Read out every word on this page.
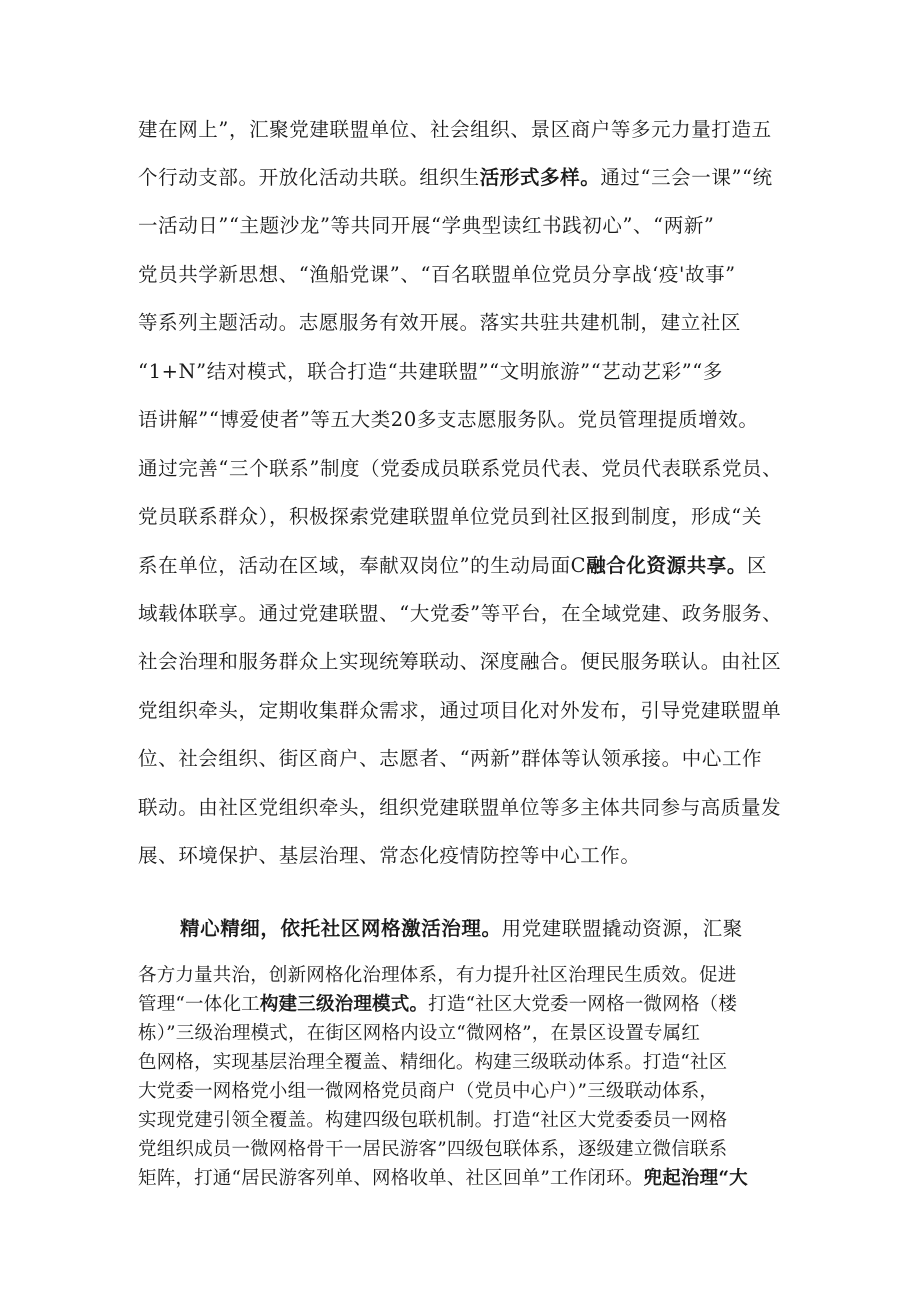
建在网上”，汇聚党建联盟单位、社会组织、景区商户等多元力量打造五
个行动支部。开放化活动共联。组织生活形式多样。通过“三会一课”“统
一活动日”“主题沙龙”等共同开展“学典型读红书践初心”、“两新”
党员共学新思想、“渔船党课”、“百名联盟单位党员分享战‘疫'故事”
等系列主题活动。志愿服务有效开展。落实共驻共建机制，建立社区
“1+N”结对模式，联合打造“共建联盟”“文明旅游”“艺动艺彩”“多
语讲解”“博爱使者”等五大类20多支志愿服务队。党员管理提质增效。
通过完善“三个联系”制度（党委成员联系党员代表、党员代表联系党员、
党员联系群众），积极探索党建联盟单位党员到社区报到制度，形成“关
系在单位，活动在区域，奉献双岗位”的生动局面C融合化资源共享。区
域载体联享。通过党建联盟、“大党委”等平台，在全域党建、政务服务、
社会治理和服务群众上实现统筹联动、深度融合。便民服务联认。由社区
党组织牵头，定期收集群众需求，通过项目化对外发布，引导党建联盟单
位、社会组织、街区商户、志愿者、“两新”群体等认领承接。中心工作
联动。由社区党组织牵头，组织党建联盟单位等多主体共同参与高质量发
展、环境保护、基层治理、常态化疫情防控等中心工作。
精心精细，依托社区网格激活治理。用党建联盟撬动资源，汇聚
各方力量共治，创新网格化治理体系，有力提升社区治理民生质效。促进
管理“一体化工构建三级治理模式。打造“社区大党委一网格一微网格（楼
栋）”三级治理模式，在街区网格内设立“微网格”，在景区设置专属红
色网格，实现基层治理全覆盖、精细化。构建三级联动体系。打造“社区
大党委一网格党小组一微网格党员商户（党员中心户）”三级联动体系，
实现党建引领全覆盖。构建四级包联机制。打造“社区大党委委员一网格
党组织成员一微网格骨干一居民游客”四级包联体系，逐级建立微信联系
矩阵，打通“居民游客列单、网格收单、社区回单”工作闭环。兜起治理“大
